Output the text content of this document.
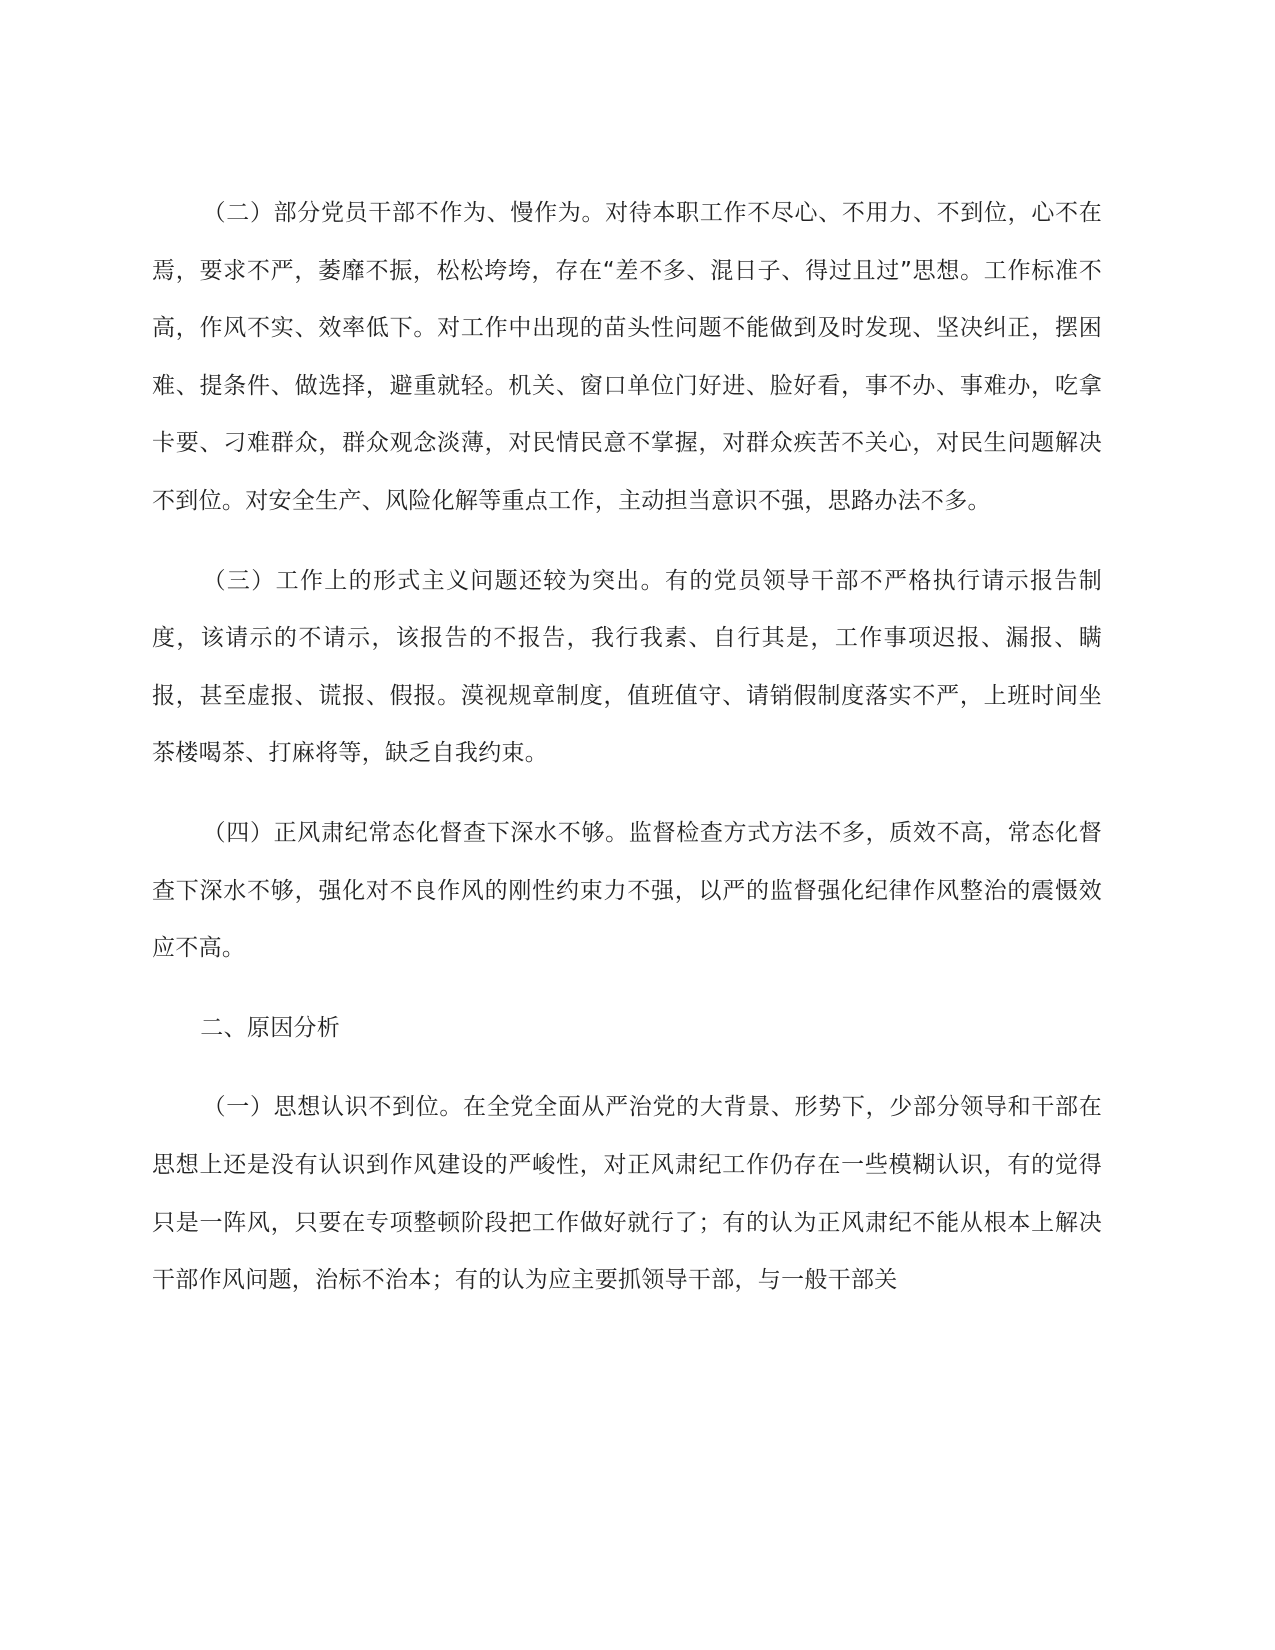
（二）部分党员干部不作为、慢作为。对待本职工作不尽心、不用力、不到位，心不在焉，要求不严，萎靡不振，松松垮垮，存在“差不多、混日子、得过且过”思想。工作标准不高，作风不实、效率低下。对工作中出现的苗头性问题不能做到及时发现、坚决纠正，摆困难、提条件、做选择，避重就轻。机关、窗口单位门好进、脸好看，事不办、事难办，吃拿卡要、刁难群众，群众观念淡薄，对民情民意不掌握，对群众疾苦不关心，对民生问题解决不到位。对安全生产、风险化解等重点工作，主动担当意识不强，思路办法不多。

（三）工作上的形式主义问题还较为突出。有的党员领导干部不严格执行请示报告制度，该请示的不请示，该报告的不报告，我行我素、自行其是，工作事项迟报、漏报、瞒报，甚至虚报、谎报、假报。漠视规章制度，值班值守、请销假制度落实不严，上班时间坐茶楼喝茶、打麻将等，缺乏自我约束。

（四）正风肃纪常态化督查下深水不够。监督检查方式方法不多，质效不高，常态化督查下深水不够，强化对不良作风的刚性约束力不强，以严的监督强化纪律作风整治的震慑效应不高。

二、原因分析

（一）思想认识不到位。在全党全面从严治党的大背景、形势下，少部分领导和干部在思想上还是没有认识到作风建设的严峻性，对正风肃纪工作仍存在一些模糊认识，有的觉得只是一阵风，只要在专项整顿阶段把工作做好就行了；有的认为正风肃纪不能从根本上解决干部作风问题，治标不治本；有的认为应主要抓领导干部，与一般干部关
